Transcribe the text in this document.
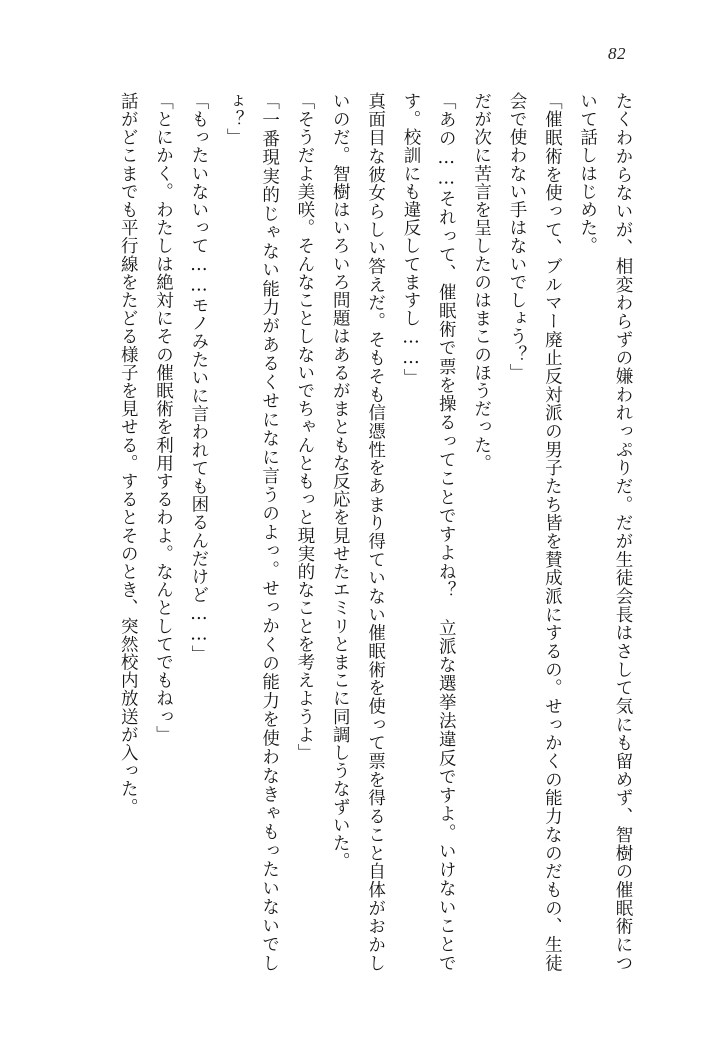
82

たくわからないが、相変わらずの嫌われっぷりだ。だが生徒会長はさして気にも留めず、智樹の催眠術について話しはじめた。

「催眠術を使って、ブルマー廃止反対派の男子たち皆を賛成派にするの。せっかくの能力なのだもの、生徒会で使わない手はないでしょう？」

だが次に苦言を呈したのはまこのほうだった。

「あの……それって、催眠術で票を操るってことですよね？　立派な選挙法違反ですよ。いけないことです。校訓にも違反してますし……」

真面目な彼女らしい答えだ。そもそも信憑性をあまり得ていない催眠術を使って票を得ること自体がおかしいのだ。智樹はいろいろ問題はあるがまともな反応を見せたエミリとまこに同調しうなずいた。

「そうだよ美咲。そんなことしないでちゃんともっと現実的なことを考えようよ」

「一番現実的じゃない能力があるくせになに言うのよっ。せっかくの能力を使わなきゃもったいないでしょ？」

「もったいないって……モノみたいに言われても困るんだけど……」

「とにかく。わたしは絶対にその催眠術を利用するわよ。なんとしてでもねっ」

話がどこまでも平行線をたどる様子を見せる。するとそのとき、突然校内放送が入った。
